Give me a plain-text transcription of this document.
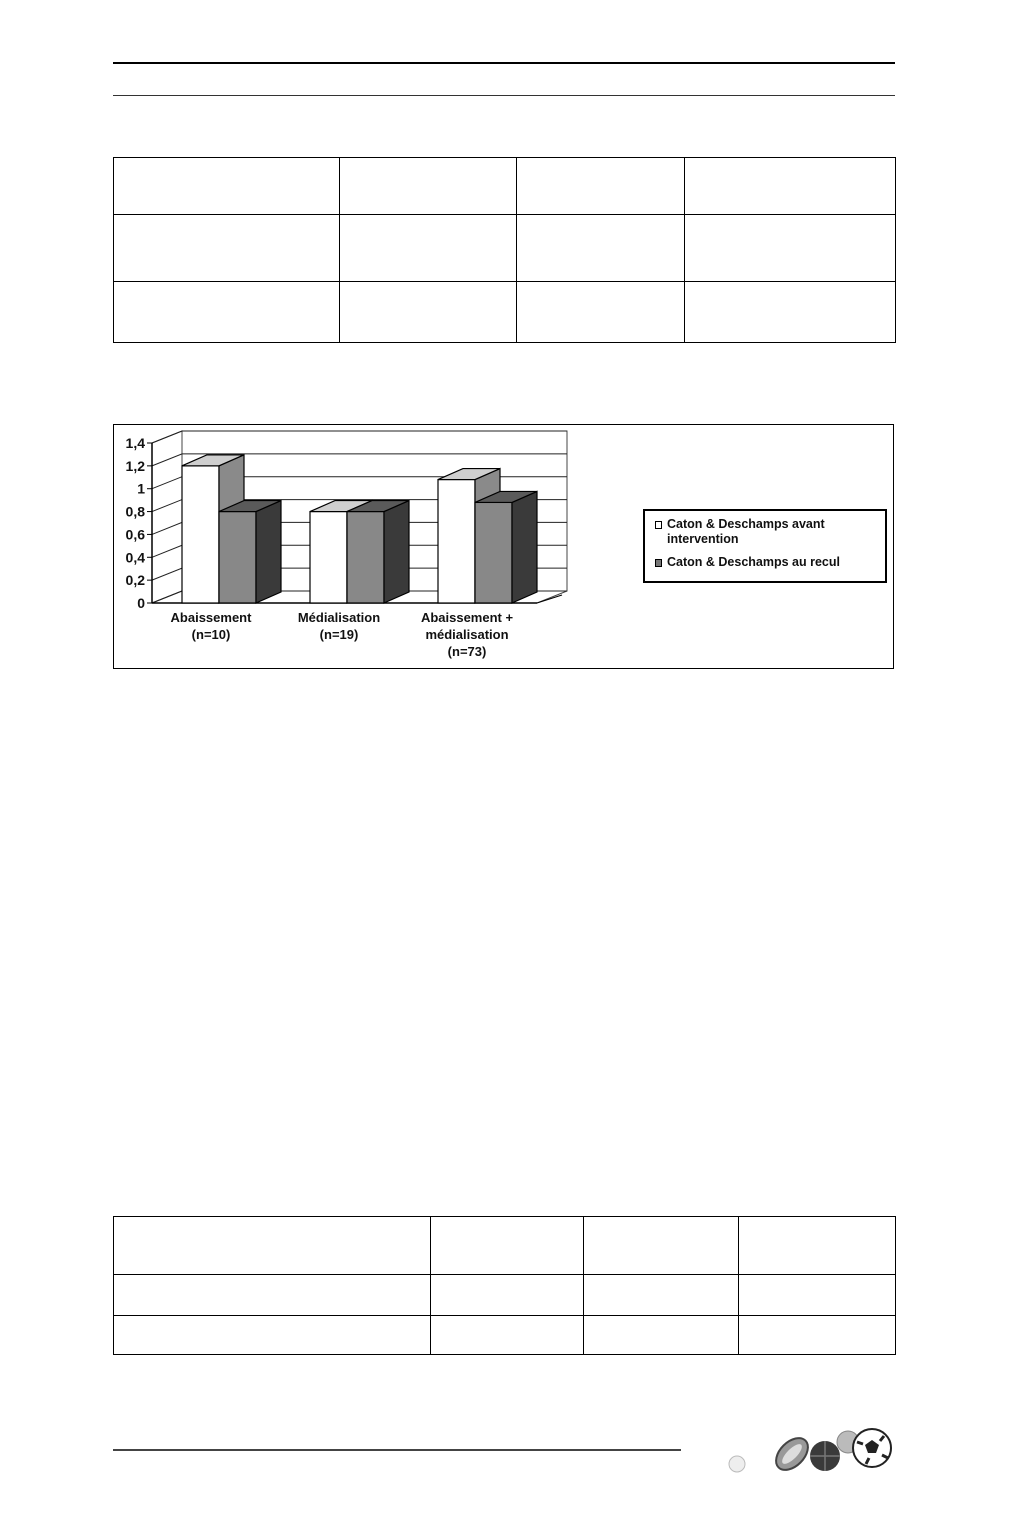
0
0,2
0,4
0,6
0,8
1
1,2
1,4
Abaissement
(n=10)
Médialisation
(n=19)
Abaissement +
médialisation
(n=73)
Caton & Deschamps avant
intervention
Caton & Deschamps au recul
